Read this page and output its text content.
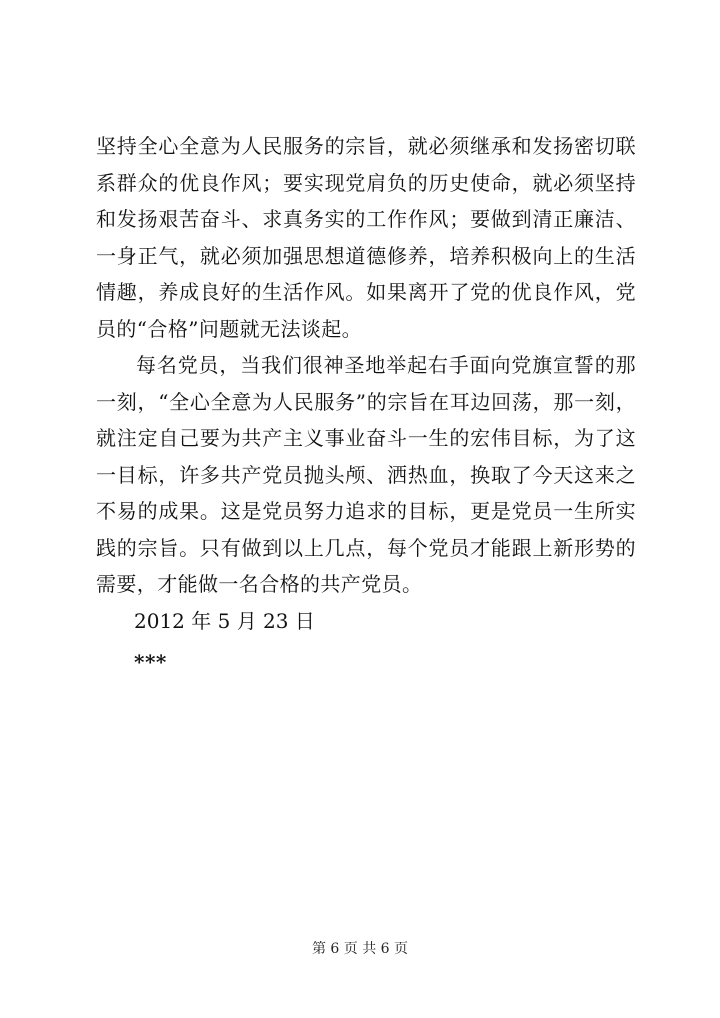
坚持全心全意为人民服务的宗旨，就必须继承和发扬密切联系群众的优良作风；要实现党肩负的历史使命，就必须坚持和发扬艰苦奋斗、求真务实的工作作风；要做到清正廉洁、一身正气，就必须加强思想道德修养，培养积极向上的生活情趣，养成良好的生活作风。如果离开了党的优良作风，党员的“合格”问题就无法谈起。

每名党员，当我们很神圣地举起右手面向党旗宣誓的那一刻，“全心全意为人民服务”的宗旨在耳边回荡，那一刻，就注定自己要为共产主义事业奋斗一生的宏伟目标，为了这一目标，许多共产党员抛头颅、洒热血，换取了今天这来之不易的成果。这是党员努力追求的目标，更是党员一生所实践的宗旨。只有做到以上几点，每个党员才能跟上新形势的需要，才能做一名合格的共产党员。

2012 年 5 月 23 日

***

第 6 页 共 6 页
